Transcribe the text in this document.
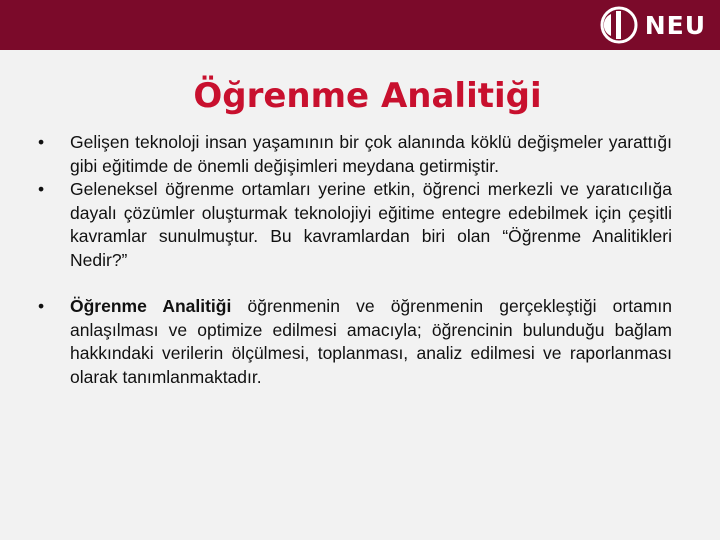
NEU
Öğrenme Analitiği
• Gelişen teknoloji insan yaşamının bir çok alanında köklü değişmeler yarattığı gibi eğitimde de önemli değişimleri meydana getirmiştir.
• Geleneksel öğrenme ortamları yerine etkin, öğrenci merkezli ve yaratıcılığa dayalı çözümler oluşturmak teknolojiyi eğitime entegre edebilmek için çeşitli kavramlar sunulmuştur. Bu kavramlardan biri olan “Öğrenme Analitikleri Nedir?”
• Öğrenme Analitiği öğrenmenin ve öğrenmenin gerçekleştiği ortamın anlaşılması ve optimize edilmesi amacıyla; öğrencinin bulunduğu bağlam hakkındaki verilerin ölçülmesi, toplanması, analiz edilmesi ve raporlanması olarak tanımlanmaktadır.
